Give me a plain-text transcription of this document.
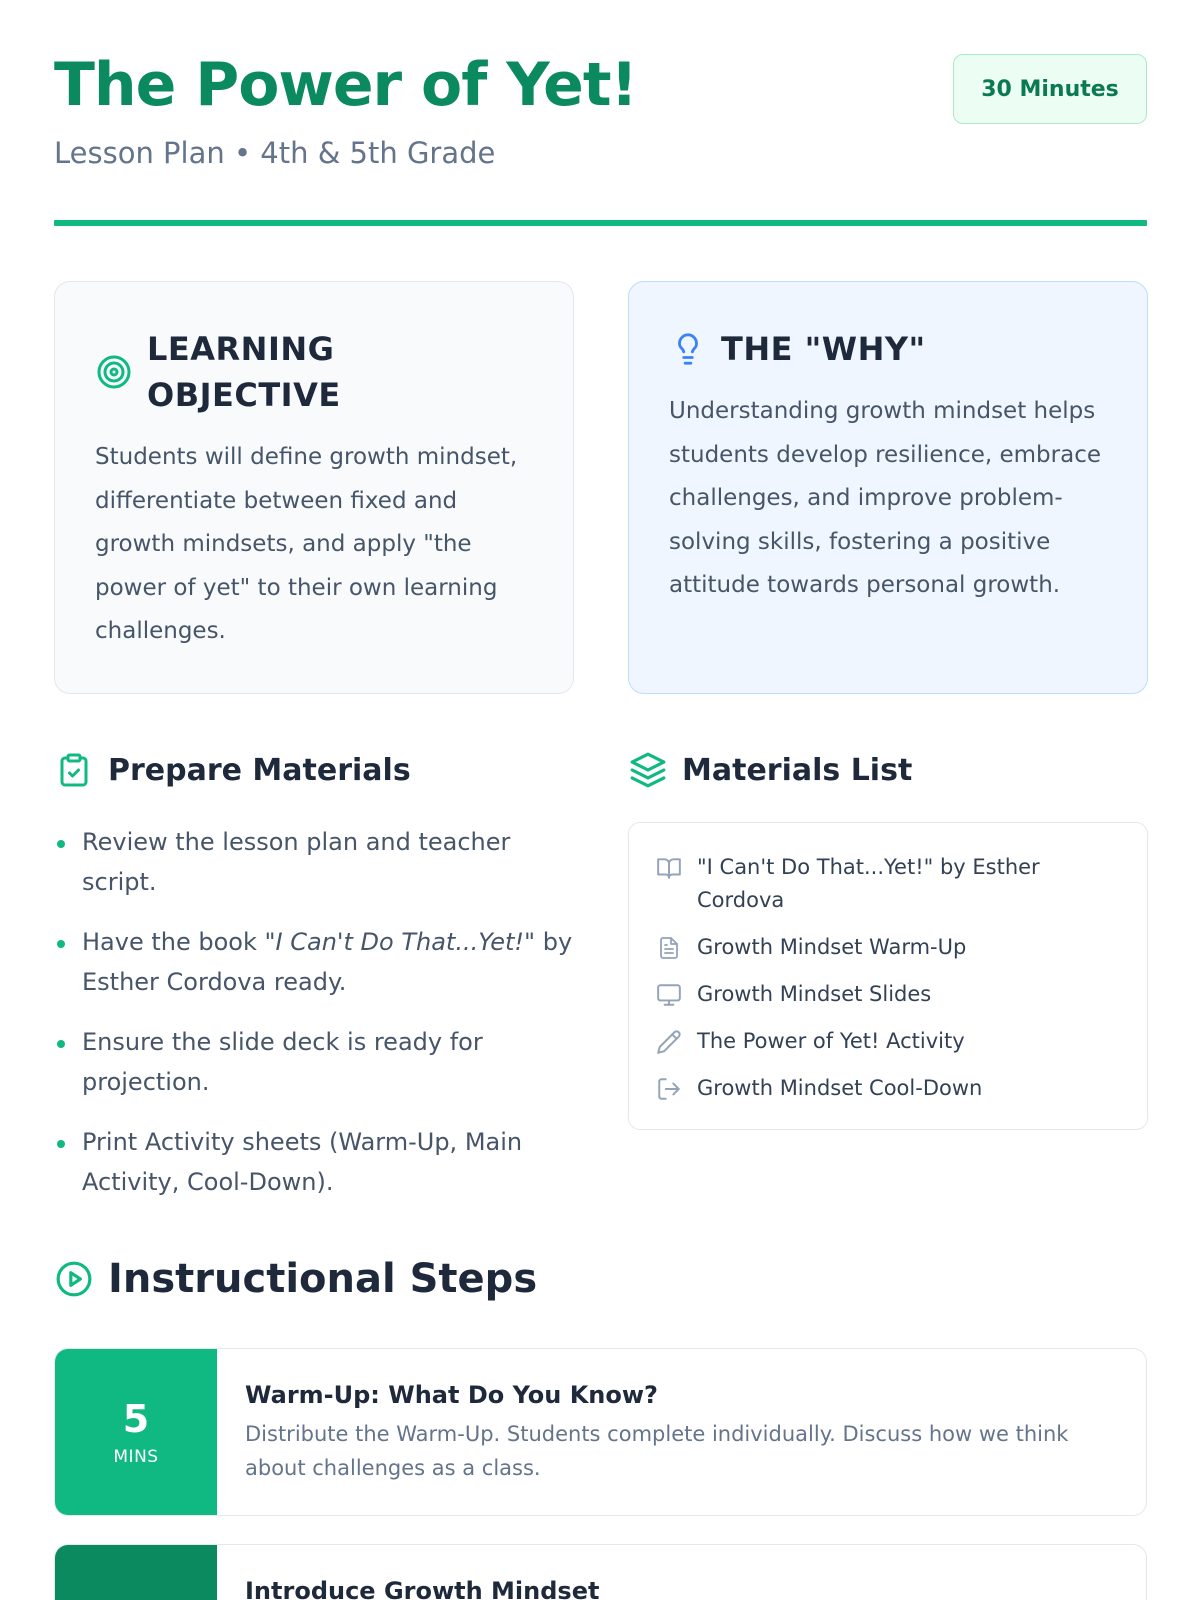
The Power of Yet!
Lesson Plan • 4th & 5th Grade
30 Minutes
LEARNING OBJECTIVE

Students will define growth mindset, differentiate between fixed and growth mindsets, and apply "the power of yet" to their own learning challenges.

THE "WHY"

Understanding growth mindset helps students develop resilience, embrace challenges, and improve problem-solving skills, fostering a positive attitude towards personal growth.

Prepare Materials
Review the lesson plan and teacher script.
Have the book "I Can't Do That...Yet!" by Esther Cordova ready.
Ensure the slide deck is ready for projection.
Print Activity sheets (Warm-Up, Main Activity, Cool-Down).
Materials List
"I Can't Do That...Yet!" by Esther Cordova
Growth Mindset Warm-Up
Growth Mindset Slides
The Power of Yet! Activity
Growth Mindset Cool-Down
Instructional Steps
5
MINS
Warm-Up: What Do You Know?
Distribute the Warm-Up. Students complete individually. Discuss how we think about challenges as a class.
Introduce Growth Mindset
